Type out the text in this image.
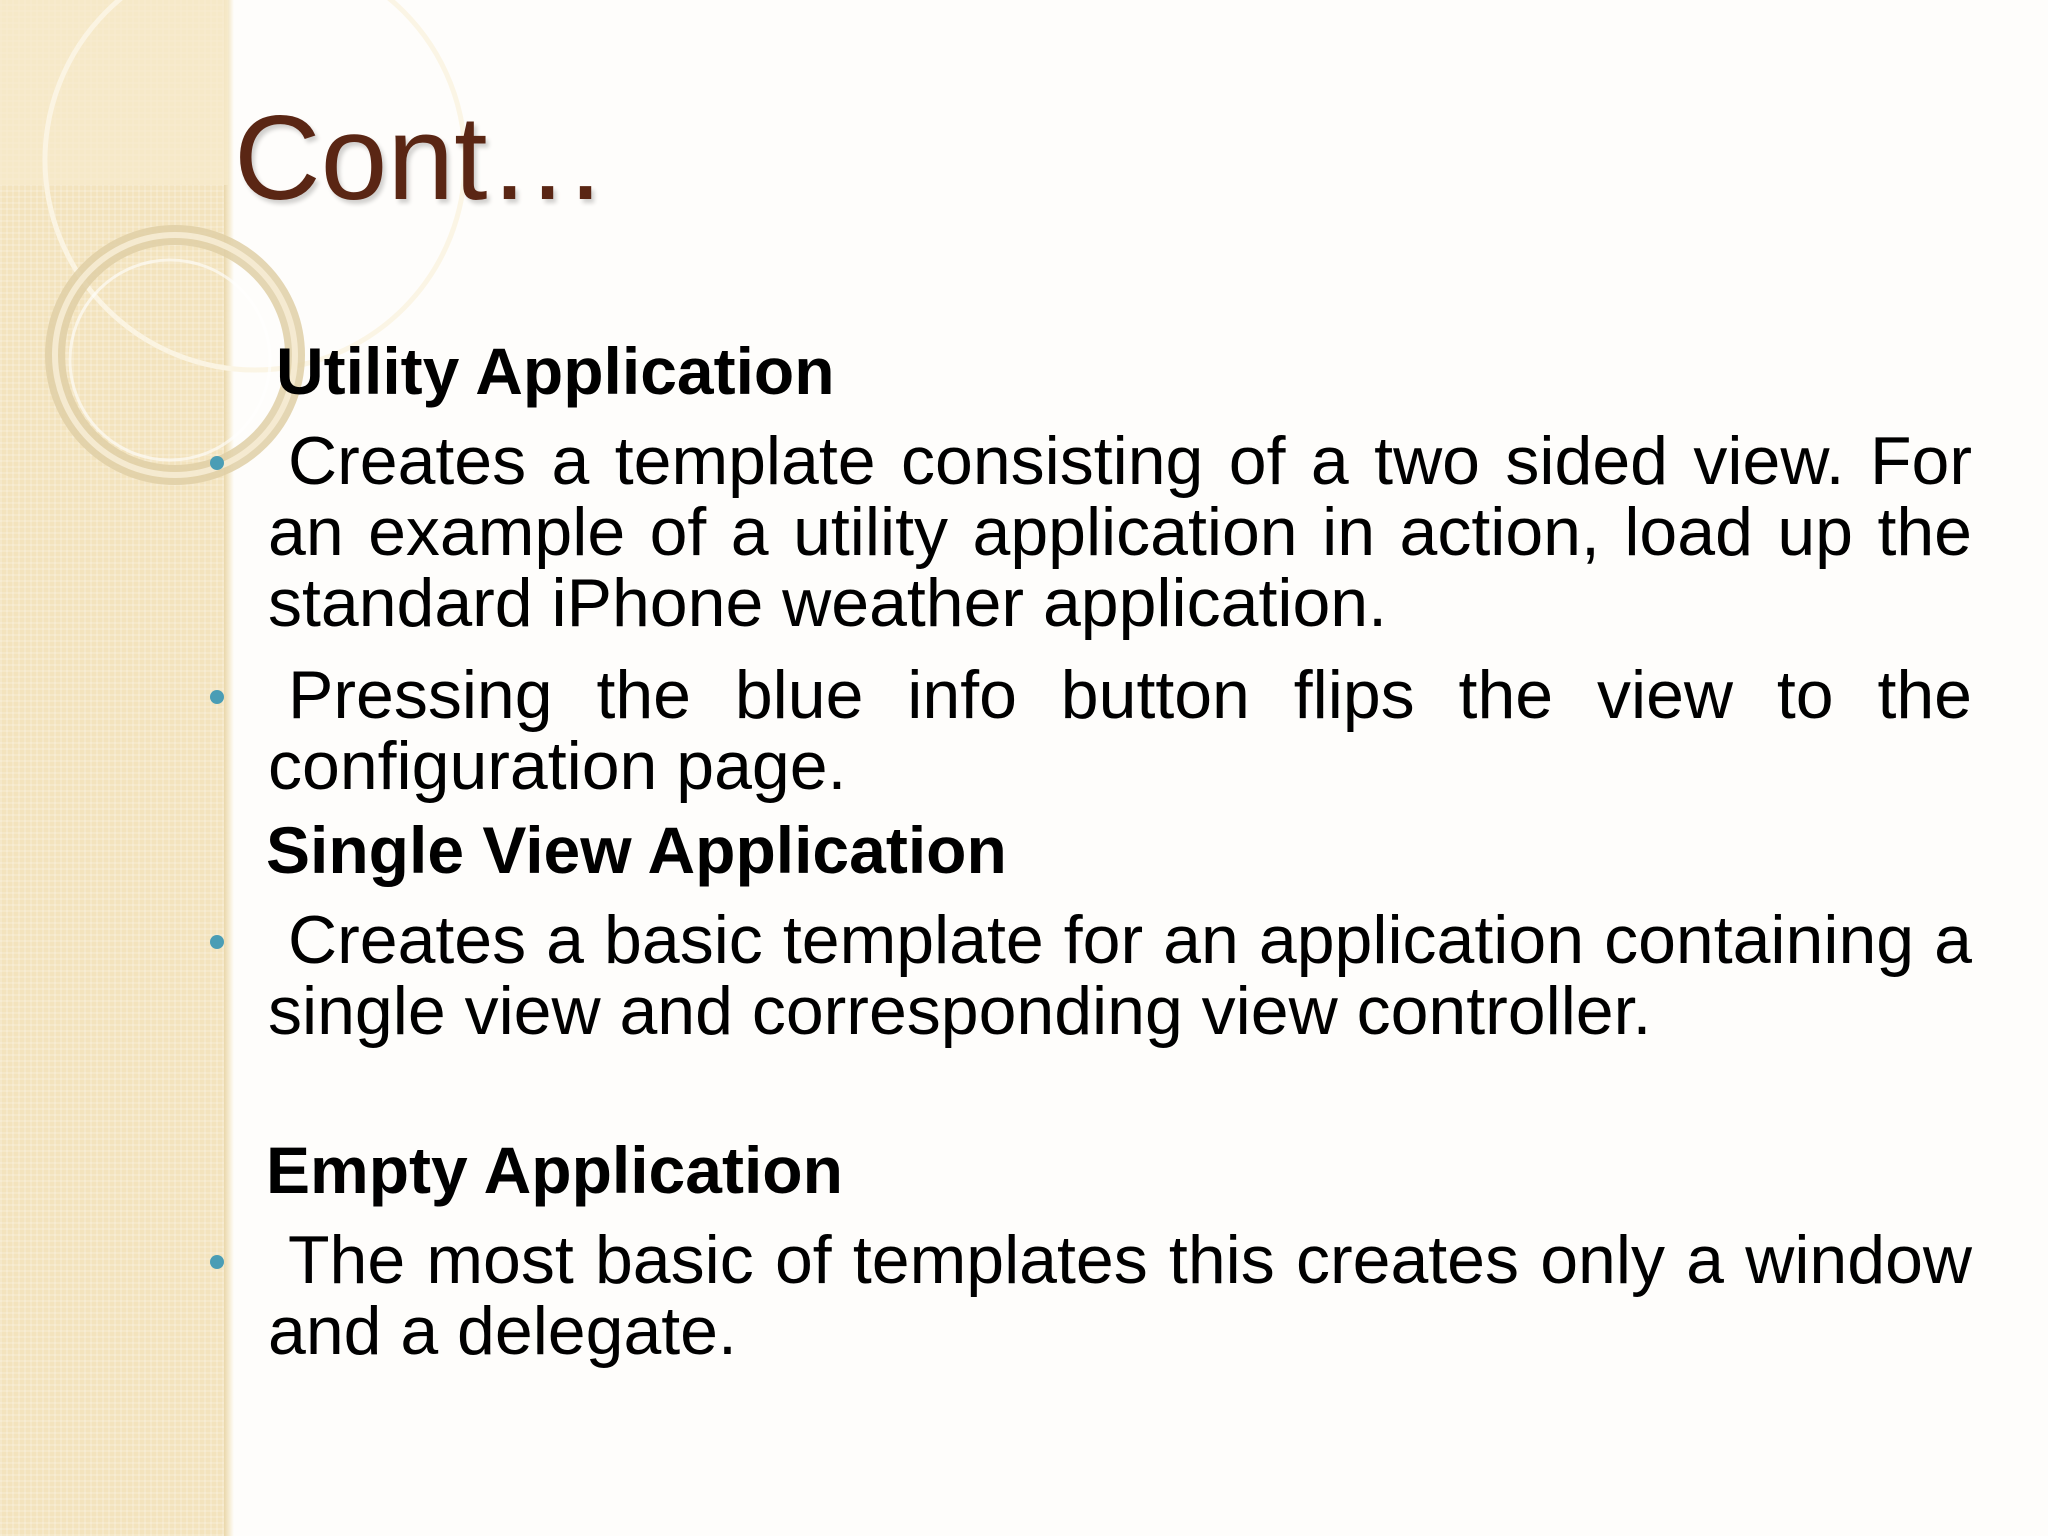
Cont…
Utility Application

Creates a template consisting of a two sided view. For an example of a utility application in action, load up the standard iPhone weather application.

Pressing the blue info button flips the view to the configuration page.

Single View Application

Creates a basic template for an application containing a single view and corresponding view controller.

Empty Application

The most basic of templates this creates only a window and a delegate.
